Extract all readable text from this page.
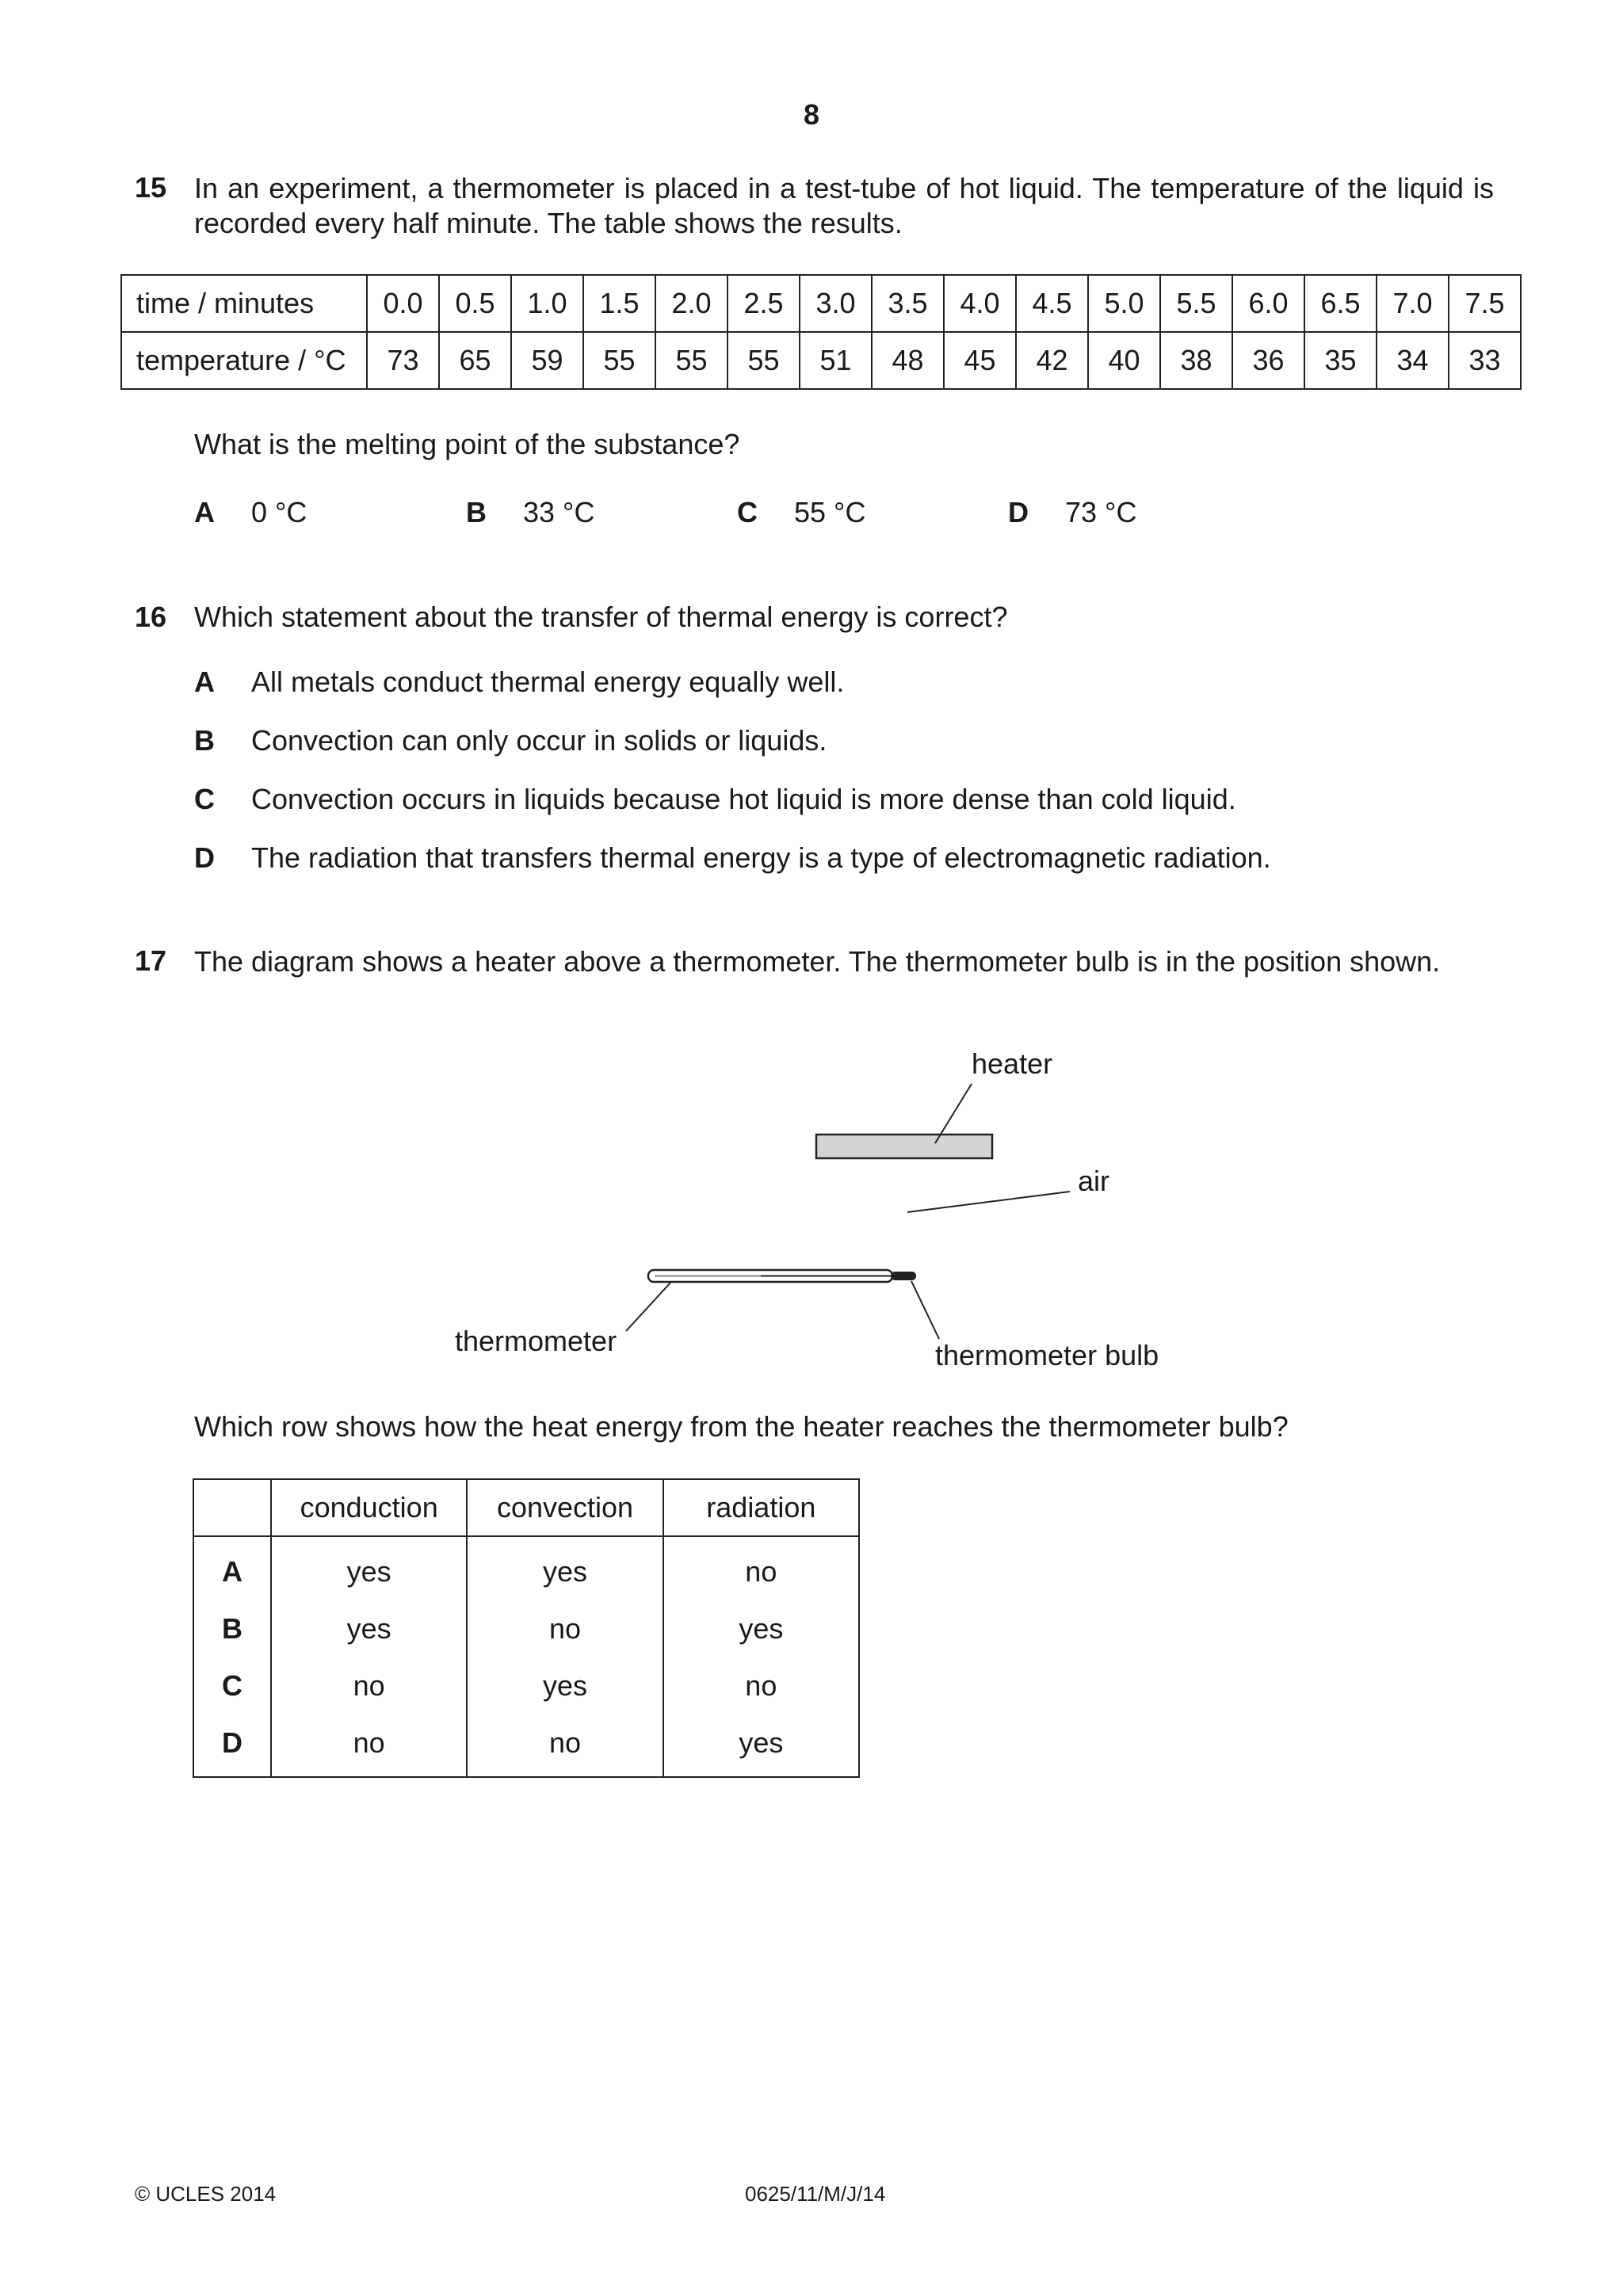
8
15 In an experiment, a thermometer is placed in a test-tube of hot liquid. The temperature of the liquid is recorded every half minute. The table shows the results.
time / minutes	0.0	0.5	1.0	1.5	2.0	2.5	3.0	3.5	4.0	4.5	5.0	5.5	6.0	6.5	7.0	7.5
temperature / °C	73	65	59	55	55	55	51	48	45	42	40	38	36	35	34	33
What is the melting point of the substance?
A 0 °C	B 33 °C	C 55 °C	D 73 °C
16 Which statement about the transfer of thermal energy is correct?
A All metals conduct thermal energy equally well.
B Convection can only occur in solids or liquids.
C Convection occurs in liquids because hot liquid is more dense than cold liquid.
D The radiation that transfers thermal energy is a type of electromagnetic radiation.
17 The diagram shows a heater above a thermometer. The thermometer bulb is in the position shown.
heater
air
thermometer	thermometer bulb
Which row shows how the heat energy from the heater reaches the thermometer bulb?
	conduction	convection	radiation
A	yes	yes	no
B	yes	no	yes
C	no	yes	no
D	no	no	yes
© UCLES 2014	0625/11/M/J/14
